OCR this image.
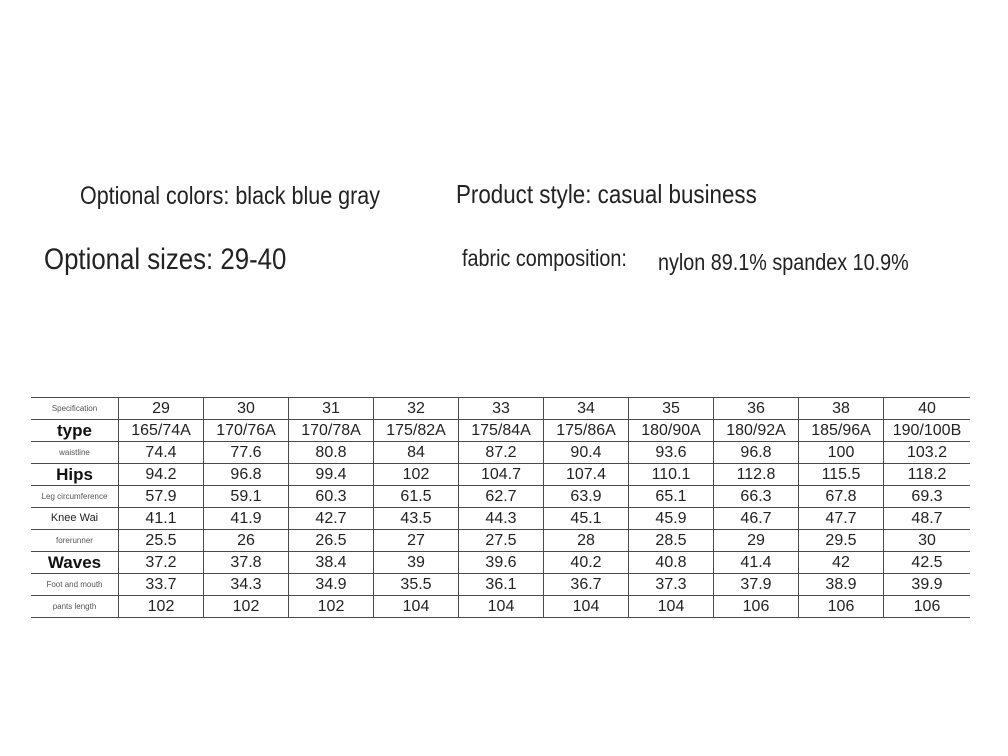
Optional colors: black blue gray	Product style: casual business
Optional sizes: 29-40	fabric composition: nylon 89.1% spandex 10.9%
Specification	29	30	31	32	33	34	35	36	38	40
type	165/74A	170/76A	170/78A	175/82A	175/84A	175/86A	180/90A	180/92A	185/96A	190/100B
waistline	74.4	77.6	80.8	84	87.2	90.4	93.6	96.8	100	103.2
Hips	94.2	96.8	99.4	102	104.7	107.4	110.1	112.8	115.5	118.2
Leg circumference	57.9	59.1	60.3	61.5	62.7	63.9	65.1	66.3	67.8	69.3
Knee Wai	41.1	41.9	42.7	43.5	44.3	45.1	45.9	46.7	47.7	48.7
forerunner	25.5	26	26.5	27	27.5	28	28.5	29	29.5	30
Waves	37.2	37.8	38.4	39	39.6	40.2	40.8	41.4	42	42.5
Foot and mouth	33.7	34.3	34.9	35.5	36.1	36.7	37.3	37.9	38.9	39.9
pants length	102	102	102	104	104	104	104	106	106	106
